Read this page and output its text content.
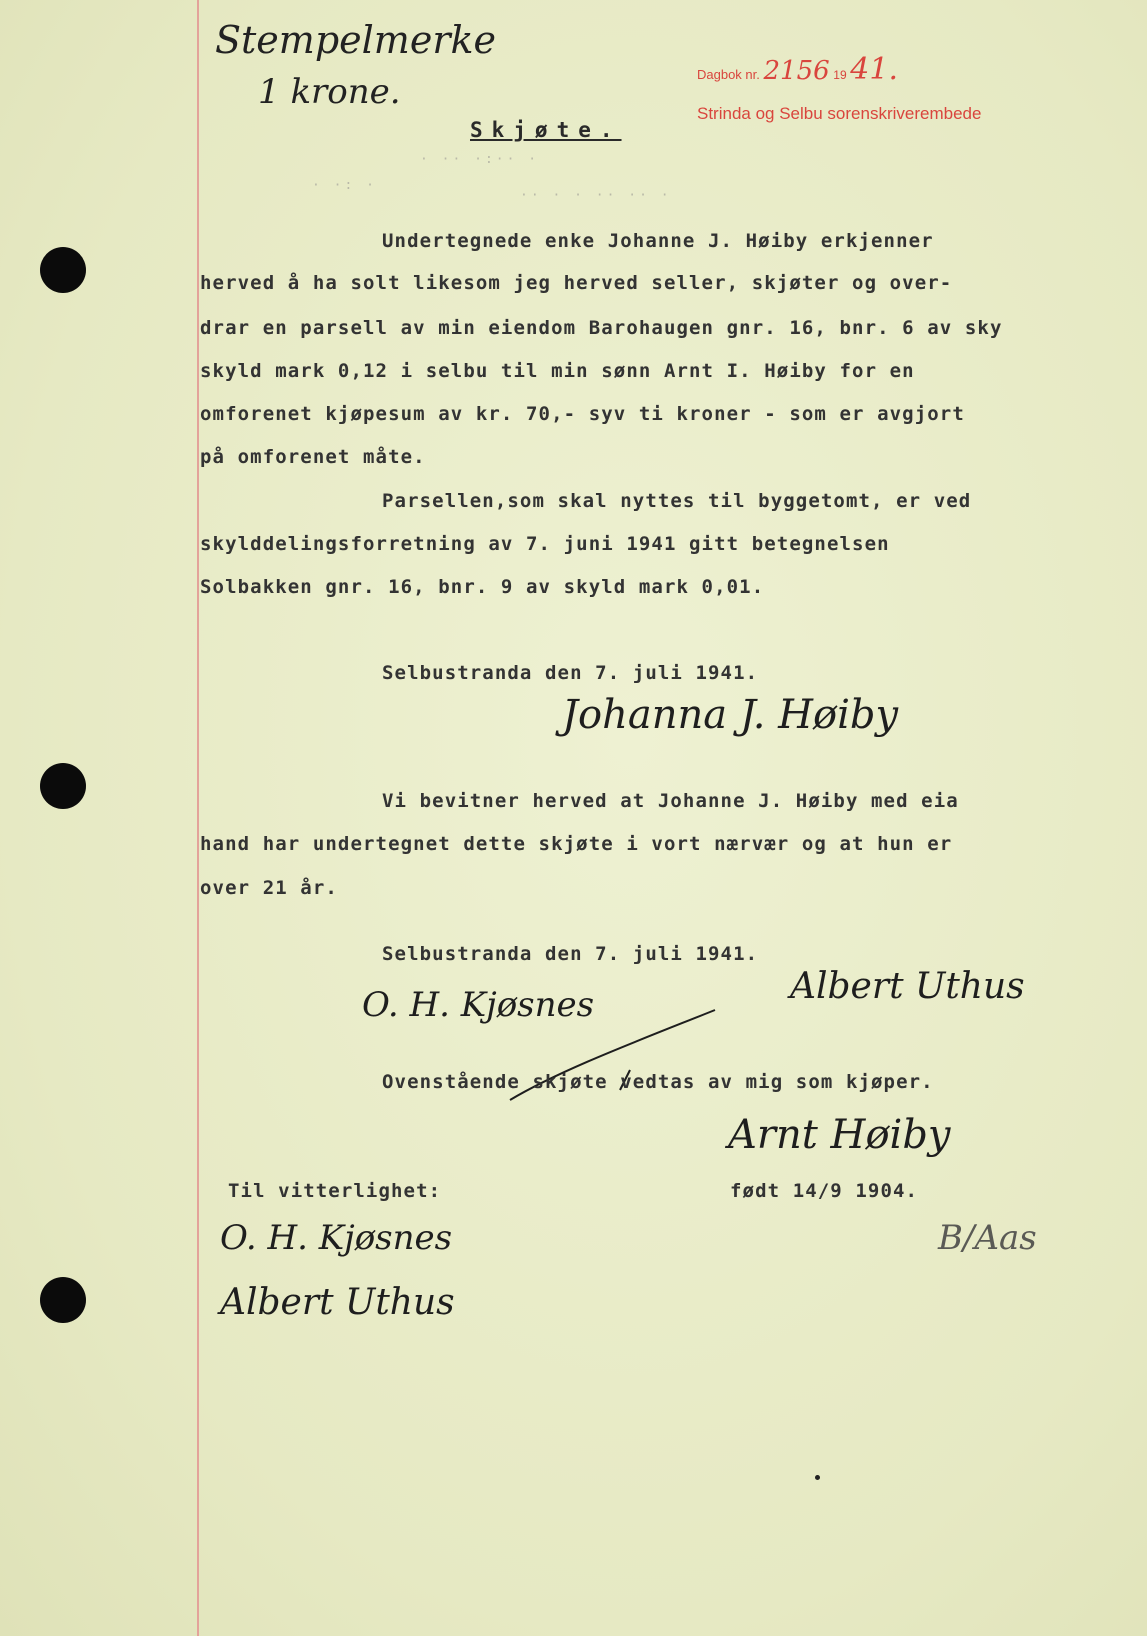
Stempelmerke
1 krone.	Dagbok nr. 2156 19 41.
Strinda og Selbu sorenskriverembede
Skjøte.
· ·· ·:·· ·
· ·: ·
·· · · ·· ·· ·
Undertegnede enke Johanne J. Høiby erkjenner
herved å ha solt likesom jeg herved seller, skjøter og over-
drar en parsell av min eiendom Barohaugen gnr. 16, bnr. 6 av sky
skyld mark 0,12 i selbu til min sønn Arnt I. Høiby for en
omforenet kjøpesum av kr. 70,- syv ti kroner - som er avgjort
på omforenet måte.
Parsellen,som skal nyttes til byggetomt, er ved
skylddelingsforretning av 7. juni 1941 gitt betegnelsen
Solbakken gnr. 16, bnr. 9 av skyld mark 0,01.
Selbustranda den 7. juli 1941.
Johanna J. Høiby
Vi bevitner herved at Johanne J. Høiby med eia
hand har undertegnet dette skjøte i vort nærvær og at hun er
over 21 år.
Selbustranda den 7. juli 1941.
O. H. Kjøsnes	Albert Uthus
Ovenstående skjøte vedtas av mig som kjøper.
Arnt Høiby
Til vitterlighet:	født 14/9 1904.
O. H. Kjøsnes
Albert Uthus
B/Aas
